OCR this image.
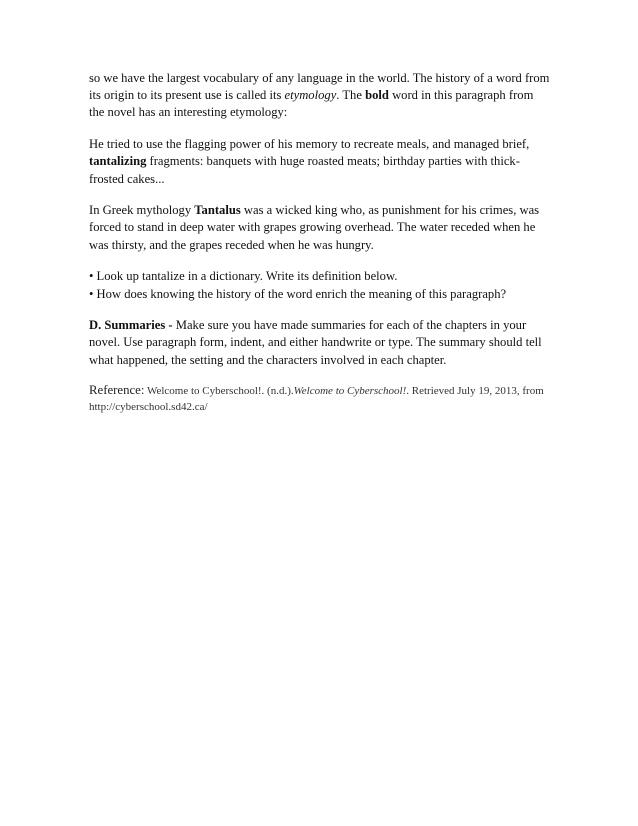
so we have the largest vocabulary of any language in the world. The history of a word from its origin to its present use is called its etymology. The bold word in this paragraph from the novel has an interesting etymology:

He tried to use the flagging power of his memory to recreate meals, and managed brief, tantalizing fragments: banquets with huge roasted meats; birthday parties with thick-frosted cakes...

In Greek mythology Tantalus was a wicked king who, as punishment for his crimes, was forced to stand in deep water with grapes growing overhead. The water receded when he was thirsty, and the grapes receded when he was hungry.

• Look up tantalize in a dictionary. Write its definition below.
• How does knowing the history of the word enrich the meaning of this paragraph?

D. Summaries - Make sure you have made summaries for each of the chapters in your novel. Use paragraph form, indent, and either handwrite or type. The summary should tell what happened, the setting and the characters involved in each chapter.

Reference: Welcome to Cyberschool!. (n.d.).Welcome to Cyberschool!. Retrieved July 19, 2013, from http://cyberschool.sd42.ca/
